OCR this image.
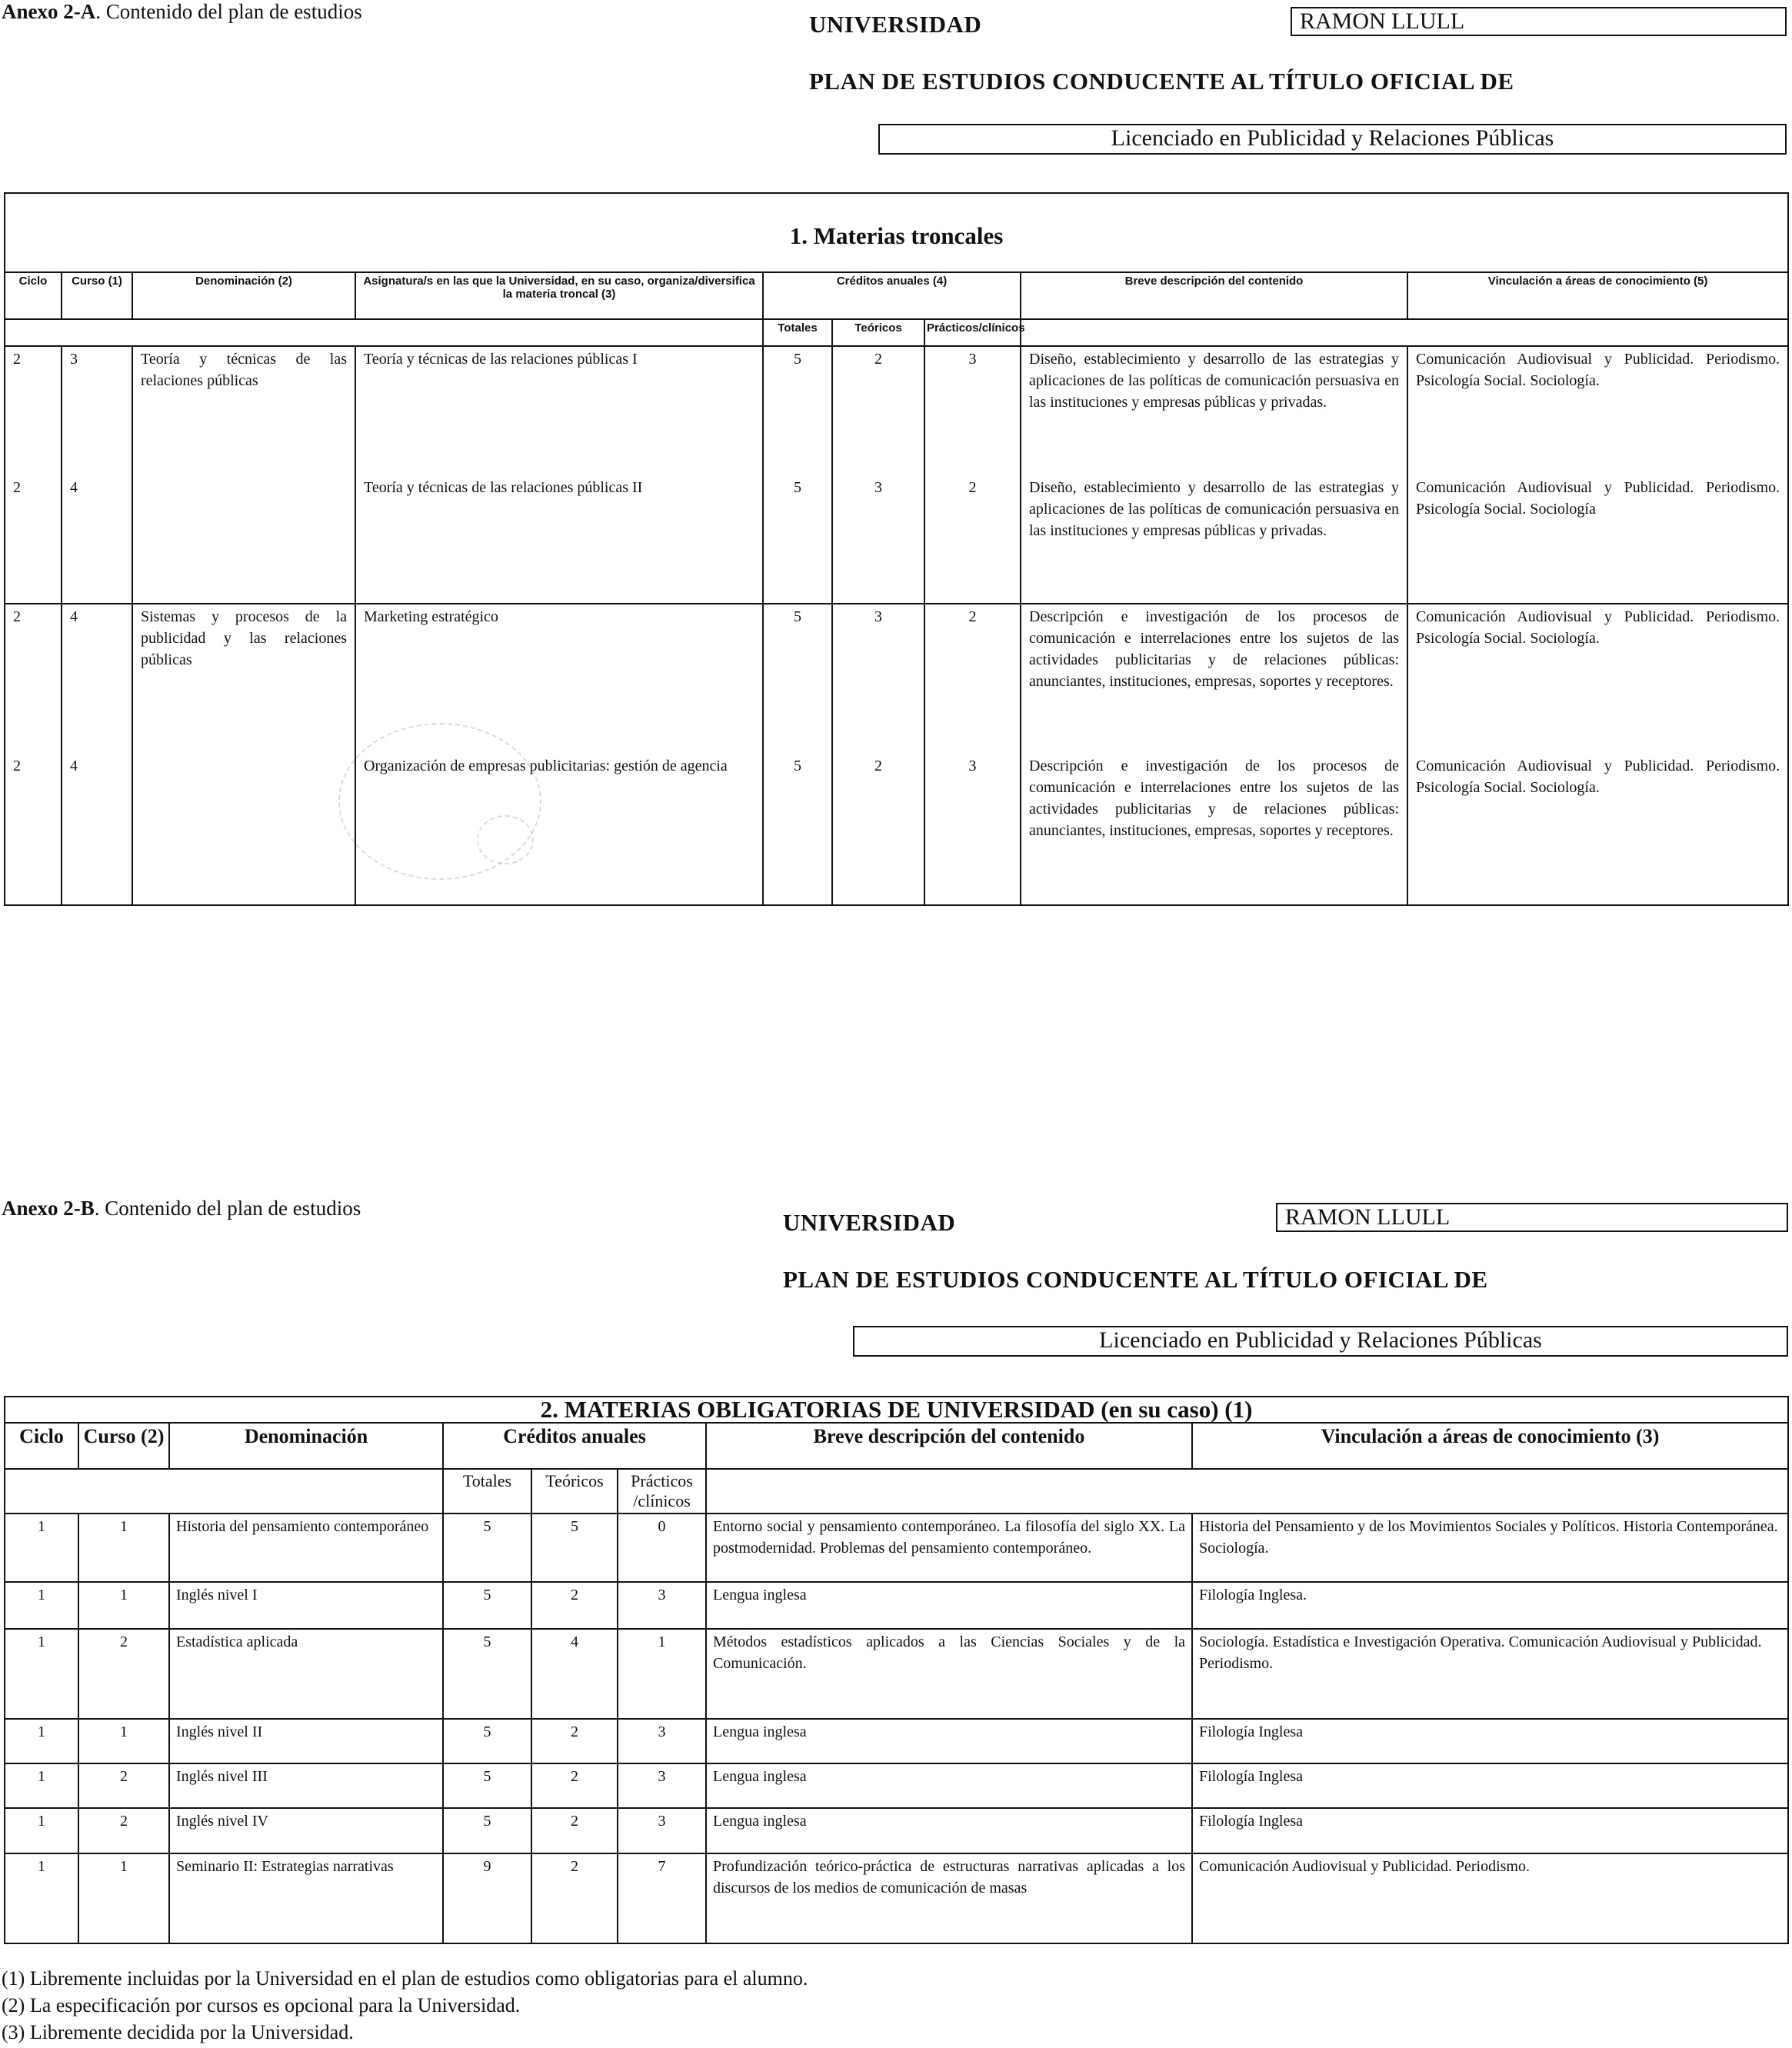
Anexo 2-A. Contenido del plan de estudios	UNIVERSIDAD	RAMON LLULL
PLAN DE ESTUDIOS CONDUCENTE AL TÍTULO OFICIAL DE
Licenciado en Publicidad y Relaciones Públicas
1. Materias troncales								
Ciclo	Curso (1)	Denominación (2)	Asignatura/s en las que la Universidad, en su caso, organiza/diversifica la materia troncal (3)	Créditos anuales (4)			Breve descripción del contenido	Vinculación a áreas de conocimiento (5)
				Totales	Teóricos	Prácticos/clínicos		
2	3	Teoría y técnicas de las relaciones públicas	Teoría y técnicas de las relaciones públicas I	5	2	3	Diseño, establecimiento y desarrollo de las estrategias y aplicaciones de las políticas de comunicación persuasiva en las instituciones y empresas públicas y privadas.	Comunicación Audiovisual y Publicidad. Periodismo. Psicología Social. Sociología.
2	4		Teoría y técnicas de las relaciones públicas II	5	3	2	Diseño, establecimiento y desarrollo de las estrategias y aplicaciones de las políticas de comunicación persuasiva en las instituciones y empresas públicas y privadas.	Comunicación Audiovisual y Publicidad. Periodismo. Psicología Social. Sociología
2	4	Sistemas y procesos de la publicidad y las relaciones públicas	Marketing estratégico	5	3	2	Descripción e investigación de los procesos de comunicación e interrelaciones entre los sujetos de las actividades publicitarias y de relaciones públicas: anunciantes, instituciones, empresas, soportes y receptores.	Comunicación Audiovisual y Publicidad. Periodismo. Psicología Social. Sociología.
2	4		Organización de empresas publicitarias: gestión de agencia	5	2	3	Descripción e investigación de los procesos de comunicación e interrelaciones entre los sujetos de las actividades publicitarias y de relaciones públicas: anunciantes, instituciones, empresas, soportes y receptores.	Comunicación Audiovisual y Publicidad. Periodismo. Psicología Social. Sociología.
Anexo 2-B. Contenido del plan de estudios
UNIVERSIDAD	RAMON LLULL
PLAN DE ESTUDIOS CONDUCENTE AL TÍTULO OFICIAL DE
Licenciado en Publicidad y Relaciones Públicas
2. MATERIAS OBLIGATORIAS DE UNIVERSIDAD (en su caso) (1)							
Ciclo	Curso (2)	Denominación	Créditos anuales			Breve descripción del contenido	Vinculación a áreas de conocimiento (3)
			Totales	Teóricos	Prácticos /clínicos		
1	1	Historia del pensamiento contemporáneo	5	5	0	Entorno social y pensamiento contemporáneo. La filosofía del siglo XX. La postmodernidad. Problemas del pensamiento contemporáneo.	Historia del Pensamiento y de los Movimientos Sociales y Políticos. Historia Contemporánea. Sociología.
1	1	Inglés nivel I	5	2	3	Lengua inglesa	Filología Inglesa.
1	2	Estadística aplicada	5	4	1	Métodos estadísticos aplicados a las Ciencias Sociales y de la Comunicación.	Sociología. Estadística e Investigación Operativa. Comunicación Audiovisual y Publicidad. Periodismo.
1	1	Inglés nivel II	5	2	3	Lengua inglesa	Filología Inglesa
1	2	Inglés nivel III	5	2	3	Lengua inglesa	Filología Inglesa
1	2	Inglés nivel IV	5	2	3	Lengua inglesa	Filología Inglesa
1	1	Seminario II: Estrategias narrativas	9	2	7	Profundización teórico-práctica de estructuras narrativas aplicadas a los discursos de los medios de comunicación de masas	Comunicación Audiovisual y Publicidad. Periodismo.
(1) Libremente incluidas por la Universidad en el plan de estudios como obligatorias para el alumno.
(2) La especificación por cursos es opcional para la Universidad.
(3) Libremente decidida por la Universidad.
